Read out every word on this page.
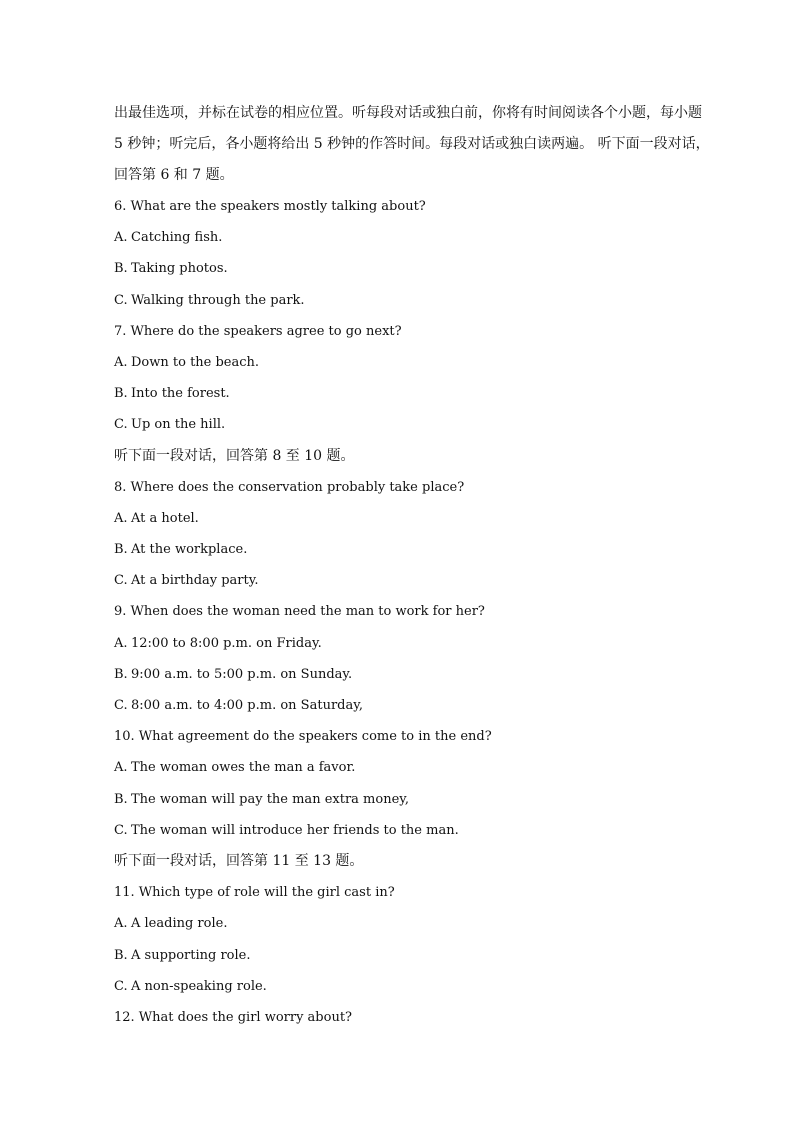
出最佳选项，并标在试卷的相应位置。听每段对话或独白前，你将有时间阅读各个小题，每小题

5 秒钟；听完后，各小题将给出 5 秒钟的作答时间。每段对话或独白读两遍。 听下面一段对话，

回答第 6 和 7 题。

6. What are the speakers mostly talking about?

A. Catching fish.

B. Taking photos.

C. Walking through the park.

7. Where do the speakers agree to go next?

A. Down to the beach.

B. Into the forest.

C. Up on the hill.

听下面一段对话，回答第 8 至 10 题。

8. Where does the conservation probably take place?

A. At a hotel.

B. At the workplace.

C. At a birthday party.

9. When does the woman need the man to work for her?

A. 12:00 to 8:00 p.m. on Friday.

B. 9:00 a.m. to 5:00 p.m. on Sunday.

C. 8:00 a.m. to 4:00 p.m. on Saturday,

10. What agreement do the speakers come to in the end?

A. The woman owes the man a favor.

B. The woman will pay the man extra money,

C. The woman will introduce her friends to the man.

听下面一段对话，回答第 11 至 13 题。

11. Which type of role will the girl cast in?

A. A leading role.

B. A supporting role.

C. A non-speaking role.

12. What does the girl worry about?
